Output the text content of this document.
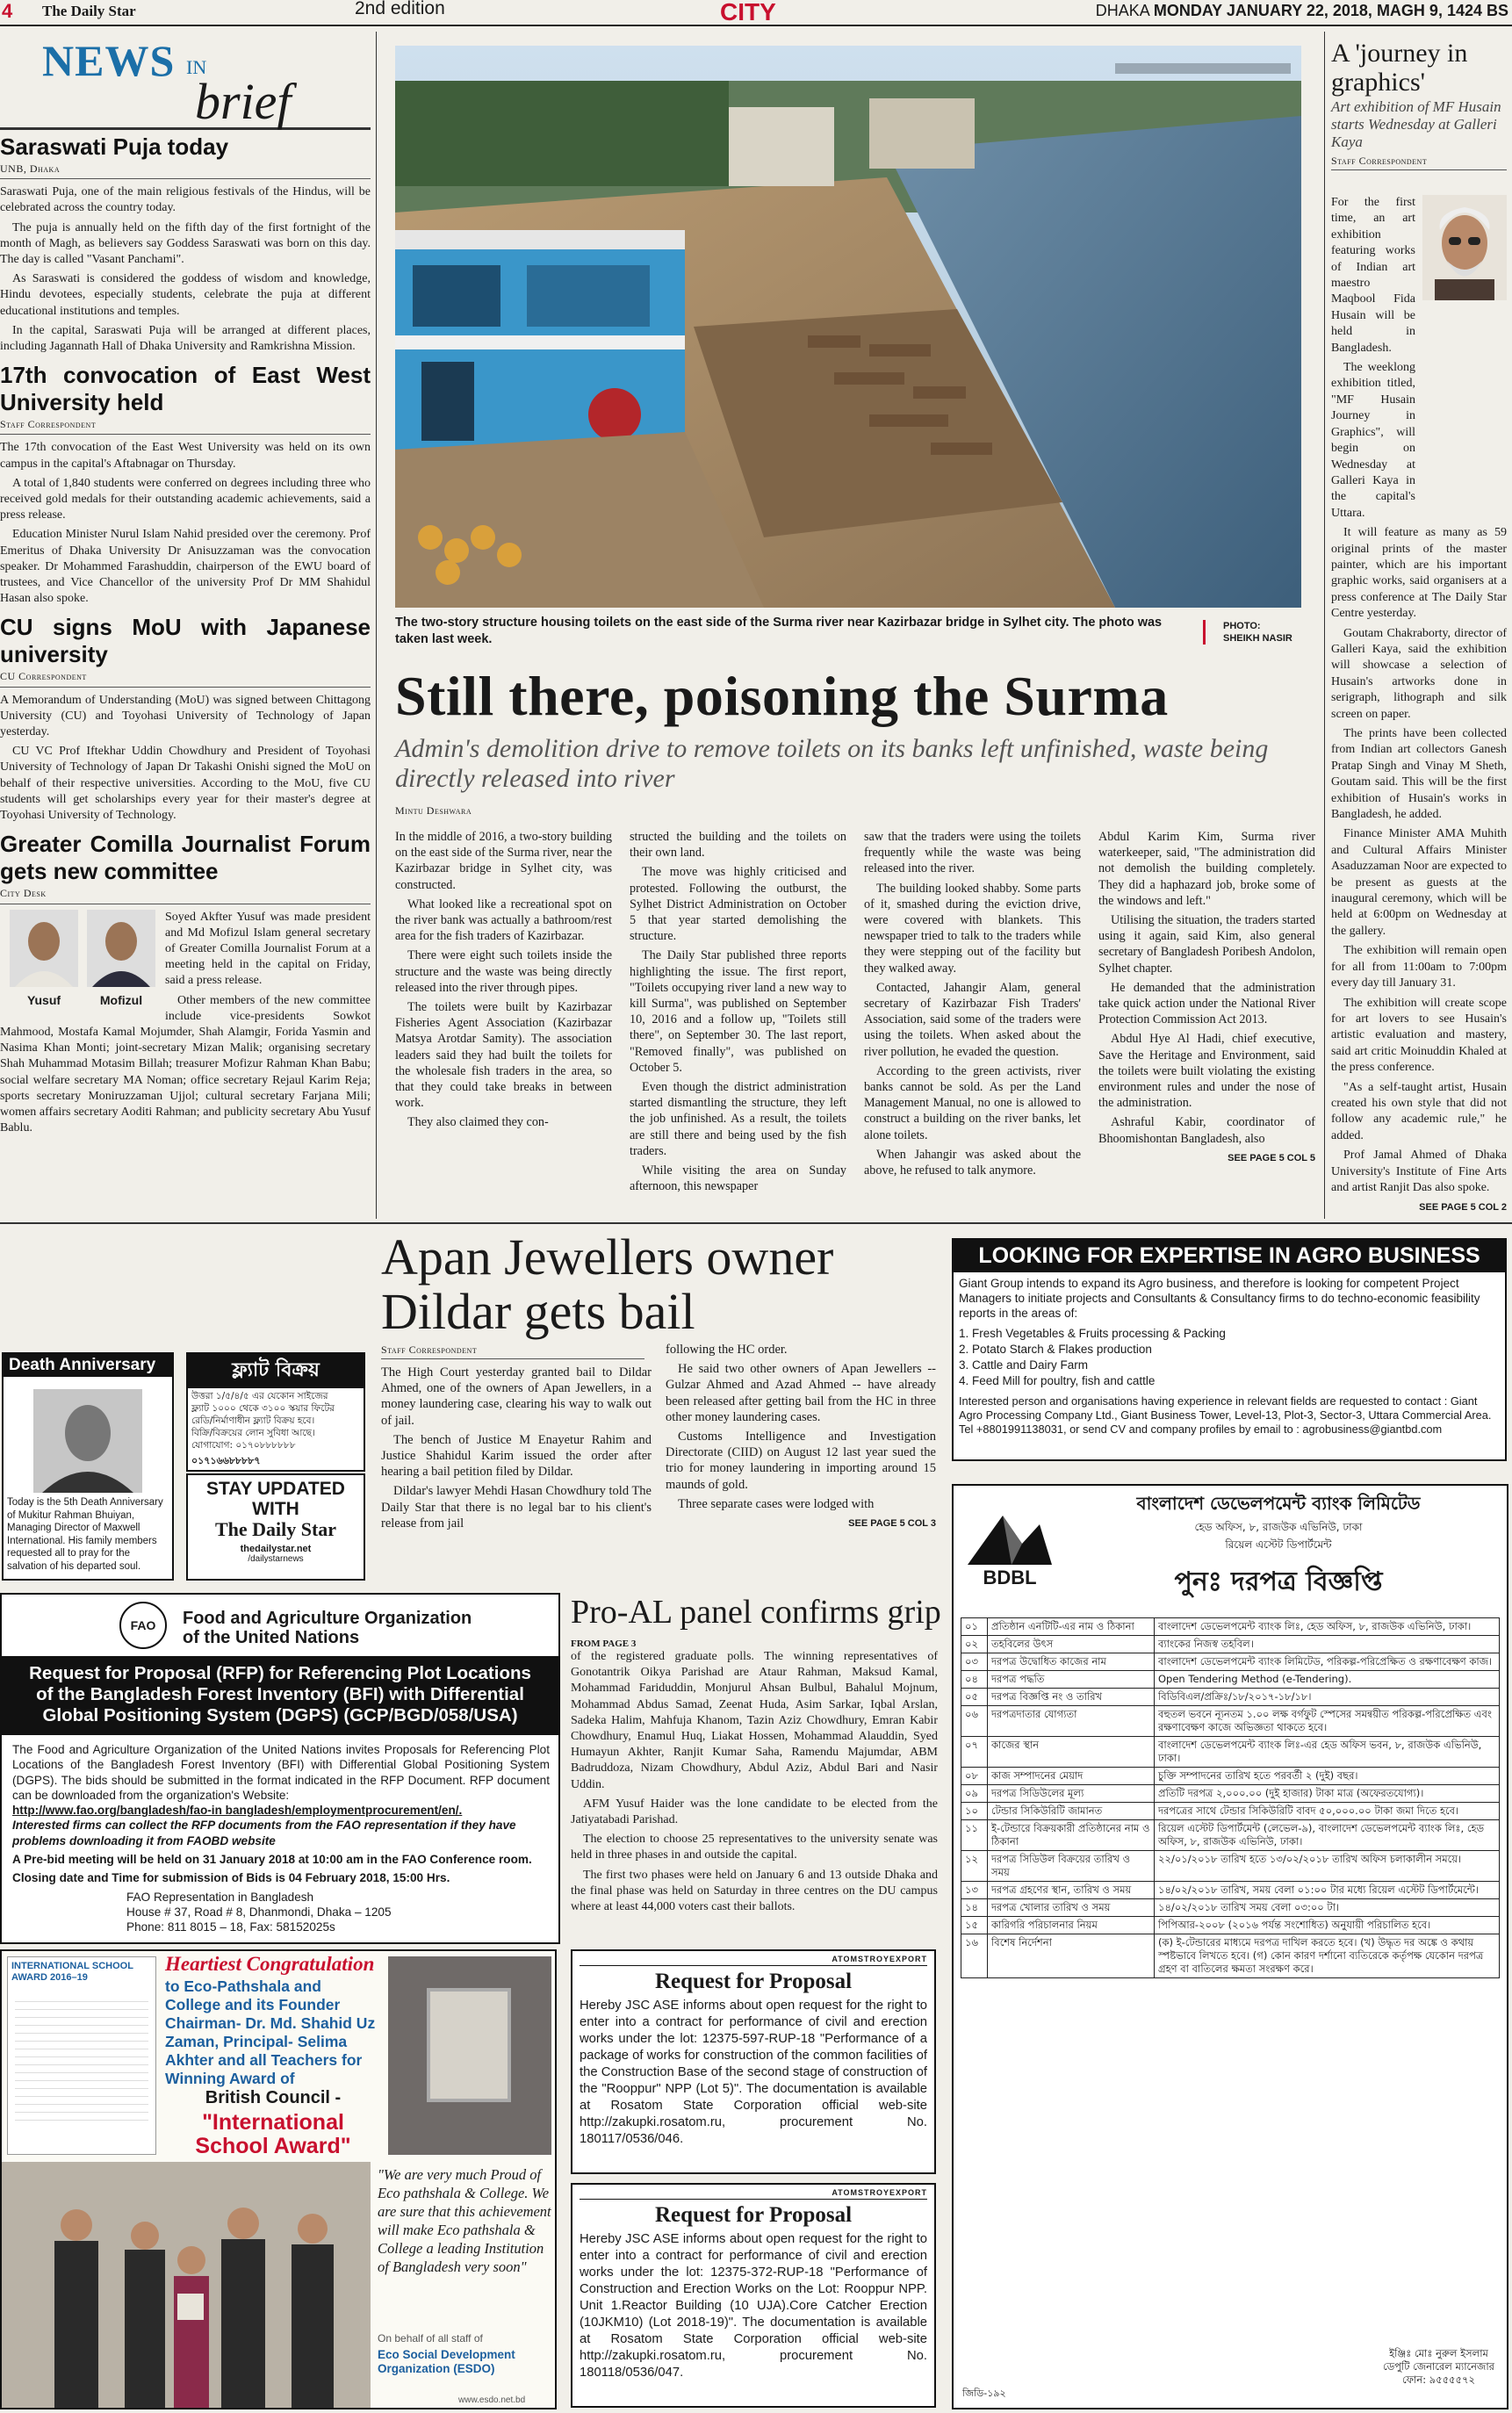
4 The Daily Star	2nd edition	CITY	DHAKA MONDAY JANUARY 22, 2018, MAGH 9, 1424 BS
NEWS IN
brief
Saraswati Puja today
UNB, Dhaka

Saraswati Puja, one of the main religious festivals of the Hindus, will be celebrated across the country today.

The puja is annually held on the fifth day of the first fortnight of the month of Magh, as believers say Goddess Saraswati was born on this day. The day is called "Vasant Panchami".

As Saraswati is considered the goddess of wisdom and knowledge, Hindu devotees, especially students, celebrate the puja at different educational institutions and temples.

In the capital, Saraswati Puja will be arranged at different places, including Jagannath Hall of Dhaka University and Ramkrishna Mission.

17th convocation of East West University held
Staff Correspondent

The 17th convocation of the East West University was held on its own campus in the capital's Aftabnagar on Thursday.

A total of 1,840 students were conferred on degrees including three who received gold medals for their outstanding academic achievements, said a press release.

Education Minister Nurul Islam Nahid presided over the ceremony. Prof Emeritus of Dhaka University Dr Anisuzzaman was the convocation speaker. Dr Mohammed Farashuddin, chairperson of the EWU board of trustees, and Vice Chancellor of the university Prof Dr MM Shahidul Hasan also spoke.

CU signs MoU with Japanese university
CU Correspondent

A Memorandum of Understanding (MoU) was signed between Chittagong University (CU) and Toyohasi University of Technology of Japan yesterday.

CU VC Prof Iftekhar Uddin Chowdhury and President of Toyohasi University of Technology of Japan Dr Takashi Onishi signed the MoU on behalf of their respective universities. According to the MoU, five CU students will get scholarships every year for their master's degree at Toyohasi University of Technology.

Greater Comilla Journalist Forum gets new committee
City Desk
Yusuf	Mofizul

Soyed Akfter Yusuf was made president and Md Mofizul Islam general secretary of Greater Comilla Journalist Forum at a meeting held in the capital on Friday, said a press release.

Other members of the new committee include vice-presidents Sowkot Mahmood, Mostafa Kamal Mojumder, Shah Alamgir, Forida Yasmin and Nasima Khan Monti; joint-secretary Mizan Malik; organising secretary Shah Muhammad Motasim Billah; treasurer Mofizur Rahman Khan Babu; social welfare secretary MA Noman; office secretary Rejaul Karim Reja; sports secretary Moniruzzaman Ujjol; cultural secretary Farjana Mili; women affairs secretary Aoditi Rahman; and publicity secretary Abu Yusuf Bablu.

The two-story structure housing toilets on the east side of the Surma river near Kazirbazar bridge in Sylhet city. The photo was taken last week.
PHOTO:
SHEIKH NASIR
Still there, poisoning the Surma
Admin's demolition drive to remove toilets on its banks left unfinished, waste being directly released into river
Mintu Deshwara

In the middle of 2016, a two-story building on the east side of the Surma river, near the Kazirbazar bridge in Sylhet city, was constructed.

What looked like a recreational spot on the river bank was actually a bathroom/rest area for the fish traders of Kazirbazar.

There were eight such toilets inside the structure and the waste was being directly released into the river through pipes.

The toilets were built by Kazirbazar Fisheries Agent Association (Kazirbazar Matsya Arotdar Samity). The association leaders said they had built the toilets for the wholesale fish traders in the area, so that they could take breaks in between work.

They also claimed they con-

structed the building and the toilets on their own land.

The move was highly criticised and protested. Following the outburst, the Sylhet District Administration on October 5 that year started demolishing the structure.

The Daily Star published three reports highlighting the issue. The first report, "Toilets occupying river land a new way to kill Surma", was published on September 10, 2016 and a follow up, "Toilets still there", on September 30. The last report, "Removed finally", was published on October 5.

Even though the district administration started dismantling the structure, they left the job unfinished. As a result, the toilets are still there and being used by the fish traders.

While visiting the area on Sunday afternoon, this newspaper

saw that the traders were using the toilets frequently while the waste was being released into the river.

The building looked shabby. Some parts of it, smashed during the eviction drive, were covered with blankets. This newspaper tried to talk to the traders while they were stepping out of the facility but they walked away.

Contacted, Jahangir Alam, general secretary of Kazirbazar Fish Traders' Association, said some of the traders were using the toilets. When asked about the river pollution, he evaded the question.

According to the green activists, river banks cannot be sold. As per the Land Management Manual, no one is allowed to construct a building on the river banks, let alone toilets.

When Jahangir was asked about the above, he refused to talk anymore.

Abdul Karim Kim, Surma river waterkeeper, said, "The administration did not demolish the building completely. They did a haphazard job, broke some of the windows and left."

Utilising the situation, the traders started using it again, said Kim, also general secretary of Bangladesh Poribesh Andolon, Sylhet chapter.

He demanded that the administration take quick action under the National River Protection Commission Act 2013.

Abdul Hye Al Hadi, chief executive, Save the Heritage and Environment, said the toilets were built violating the existing environment rules and under the nose of the administration.

Ashraful Kabir, coordinator of Bhoomishontan Bangladesh, also

SEE PAGE 5 COL 5
A 'journey in graphics'
Art exhibition of MF Husain starts Wednesday at Galleri Kaya
Staff Correspondent

For the first time, an art exhibition featuring works of Indian art maestro Maqbool Fida Husain will be held in Bangladesh.

The weeklong exhibition titled, "MF Husain Journey in Graphics", will begin on Wednesday at Galleri Kaya in the capital's Uttara.

It will feature as many as 59 original prints of the master painter, which are his important graphic works, said organisers at a press conference at The Daily Star Centre yesterday.

Goutam Chakraborty, director of Galleri Kaya, said the exhibition will showcase a selection of Husain's artworks done in serigraph, lithograph and silk screen on paper.

The prints have been collected from Indian art collectors Ganesh Pratap Singh and Vinay M Sheth, Goutam said. This will be the first exhibition of Husain's works in Bangladesh, he added.

Finance Minister AMA Muhith and Cultural Affairs Minister Asaduzzaman Noor are expected to be present as guests at the inaugural ceremony, which will be held at 6:00pm on Wednesday at the gallery.

The exhibition will remain open for all from 11:00am to 7:00pm every day till January 31.

The exhibition will create scope for art lovers to see Husain's artistic evaluation and mastery, said art critic Moinuddin Khaled at the press conference.

"As a self-taught artist, Husain created his own style that did not follow any academic rule," he added.

Prof Jamal Ahmed of Dhaka University's Institute of Fine Arts and artist Ranjit Das also spoke.

SEE PAGE 5 COL 2
Apan Jewellers owner
Dildar gets bail
Staff Correspondent

The High Court yesterday granted bail to Dildar Ahmed, one of the owners of Apan Jewellers, in a money laundering case, clearing his way to walk out of jail.

The bench of Justice M Enayetur Rahim and Justice Shahidul Karim issued the order after hearing a bail petition filed by Dildar.

Dildar's lawyer Mehdi Hasan Chowdhury told The Daily Star that there is no legal bar to his client's release from jail

following the HC order.

He said two other owners of Apan Jewellers -- Gulzar Ahmed and Azad Ahmed -- have already been released after getting bail from the HC in three other money laundering cases.

Customs Intelligence and Investigation Directorate (CIID) on August 12 last year sued the trio for money laundering in importing around 15 maunds of gold.

Three separate cases were lodged with

SEE PAGE 5 COL 3
LOOKING FOR EXPERTISE IN AGRO BUSINESS
Giant Group intends to expand its Agro business, and therefore is looking for competent Project Managers to initiate projects and Consultants & Consultancy firms to do techno-economic feasibility reports in the areas of:
1. Fresh Vegetables & Fruits processing & Packing
2. Potato Starch & Flakes production
3. Cattle and Dairy Farm
4. Feed Mill for poultry, fish and cattle
Interested person and organisations having experience in relevant fields are requested to contact : Giant Agro Processing Company Ltd., Giant Business Tower, Level-13, Plot-3, Sector-3, Uttara Commercial Area. Tel +8801991138031, or send CV and company profiles by email to : agrobusiness@giantbd.com
Death Anniversary
Today is the 5th Death Anniversary of Mukitur Rahman Bhuiyan, Managing Director of Maxwell International. His family members requested all to pray for the salvation of his departed soul.
ফ্ল্যাট বিক্রয়
উত্তরা ১/৫/৪/৫ এর যেকোন সাইজের
ফ্ল্যাট ১০০০ থেকে ৩১০০ স্কয়ার ফিটের
রেডি/নির্মাণাধীন ফ্ল্যাট বিক্রয় হবে।
বিক্রি/বিক্রয়ের লোন সুবিধা আছে।
যোগাযোগ: ০১৭০৮৮৮৮৮৮
০১৭১৬৬৮৮৮৮৭
STAY UPDATED
WITH
The Daily Star
thedailystar.net
/dailystarnews
FAO	Food and Agriculture Organization
of the United Nations
Request for Proposal (RFP) for Referencing Plot Locations of the Bangladesh Forest Inventory (BFI) with Differential Global Positioning System (DGPS) (GCP/BGD/058/USA)
The Food and Agriculture Organization of the United Nations invites Proposals for Referencing Plot Locations of the Bangladesh Forest Inventory (BFI) with Differential Global Positioning System (DGPS). The bids should be submitted in the format indicated in the RFP Document. RFP document can be downloaded from the organization's Website:
http://www.fao.org/bangladesh/fao-in bangladesh/employmentprocurement/en/.
Interested firms can collect the RFP documents from the FAO representation if they have problems downloading it from FAOBD website
A Pre-bid meeting will be held on 31 January 2018 at 10:00 am in the FAO Conference room.
Closing date and Time for submission of Bids is 04 February 2018, 15:00 Hrs.
FAO Representation in Bangladesh
House # 37, Road # 8, Dhanmondi, Dhaka – 1205
Phone: 811 8015 – 18, Fax: 58152025s
Pro-AL panel confirms grip
FROM PAGE 3

of the registered graduate polls. The winning representatives of Gonotantrik Oikya Parishad are Ataur Rahman, Maksud Kamal, Mohammad Farіduddin, Monjurul Ahsan Bulbul, Bahalul Mojnum, Mohammad Abdus Samad, Zeenat Huda, Asim Sarkar, Iqbal Arslan, Sadeka Halim, Mahfuja Khanom, Tazin Aziz Chowdhury, Emran Kabir Chowdhury, Enamul Huq, Liakat Hossen, Mohammad Alauddin, Syed Humayun Akhter, Ranjit Kumar Saha, Ramendu Majumdar, ABM Badruddoza, Nizam Chowdhury, Abdul Aziz, Abdul Bari and Nasir Uddin.

AFM Yusuf Haider was the lone candidate to be elected from the Jatiyatabadi Parishad.

The election to choose 25 representatives to the university senate was held in three phases in and outside the capital.

The first two phases were held on January 6 and 13 outside Dhaka and the final phase was held on Saturday in three centres on the DU campus where at least 44,000 voters cast their ballots.

INTERNATIONAL SCHOOL AWARD 2016–19
Heartiest Congratulation
to Eco-Pathshala and College and its Founder Chairman- Dr. Md. Shahid Uz Zaman, Principal- Selima Akhter and all Teachers for Winning Award of
British Council -
"International School Award"
"We are very much Proud of Eco pathshala & College. We are sure that this achievement will make Eco pathshala & College a leading Institution of Bangladesh very soon"
On behalf of all staff of
Eco Social Development Organization (ESDO)
www.esdo.net.bd
ATOMSTROYEXPORT
Request for Proposal
Hereby JSC ASE informs about open request for the right to enter into a contract for performance of civil and erection works under the lot: 12375-597-RUP-18 "Performance of a package of works for construction of the common facilities of the Construction Base of the second stage of construction of the "Rooppur" NPP (Lot 5)". The documentation is available at Rosatom State Corporation official web-site http://zakupki.rosatom.ru, procurement No. 180117/0536/046.
ATOMSTROYEXPORT
Request for Proposal
Hereby JSC ASE informs about open request for the right to enter into a contract for performance of civil and erection works under the lot: 12375-372-RUP-18 "Performance of Construction and Erection Works on the Lot: Rooppur NPP. Unit 1.Reactor Building (10 UJA).Core Catcher Erection (10JKM10) (Lot 2018-19)". The documentation is available at Rosatom State Corporation official web-site http://zakupki.rosatom.ru, procurement No. 180118/0536/047.
BDBL
বাংলাদেশ ডেভেলপমেন্ট ব্যাংক লিমিটেড
হেড অফিস, ৮, রাজউক এভিনিউ, ঢাকা
রিয়েল এস্টেট ডিপার্টমেন্ট
পুনঃ দরপত্র বিজ্ঞপ্তি
০১	প্রতিষ্ঠান এনটিটি-এর নাম ও ঠিকানা	বাংলাদেশ ডেভেলপমেন্ট ব্যাংক লিঃ, হেড অফিস, ৮, রাজউক এভিনিউ, ঢাকা।
০২	তহবিলের উৎস	ব্যাংকের নিজস্ব তহবিল।
০৩	দরপত্র উদ্বোধিত কাজের নাম	বাংলাদেশ ডেভেলপমেন্ট ব্যাংক লিমিটেড, পরিকল্প-পরিপ্রেক্ষিত ও রক্ষণাবেক্ষণ কাজ।
০৪	দরপত্র পদ্ধতি	Open Tendering Method (e-Tendering).
০৫	দরপত্র বিজ্ঞপ্তি নং ও তারিখ	বিডিবিএল/প্রক্রিঃ/১৮/২০১৭-১৮/১৮।
০৬	দরপত্রদাতার যোগ্যতা	বহুতল ভবনে ন্যূনতম ১.০০ লক্ষ বর্গফুট স্পেসের সমন্বয়ীত পরিকল্প-পরিপ্রেক্ষিত এবং রক্ষণাবেক্ষণ কাজে অভিজ্ঞতা থাকতে হবে।
০৭	কাজের স্থান	বাংলাদেশ ডেভেলপমেন্ট ব্যাংক লিঃ-এর হেড অফিস ভবন, ৮, রাজউক এভিনিউ, ঢাকা।
০৮	কাজ সম্পাদনের মেয়াদ	চুক্তি সম্পাদনের তারিখ হতে পরবর্তী ২ (দুই) বছর।
০৯	দরপত্র সিডিউলের মূল্য	প্রতিটি দরপত্র ২,০০০.০০ (দুই হাজার) টাকা মাত্র (অফেরতযোগ্য)।
১০	টেন্ডার সিকিউরিটি জামানত	দরপত্রের সাথে টেন্ডার সিকিউরিটি বাবদ ৫০,০০০.০০ টাকা জমা দিতে হবে।
১১	ই-টেন্ডারে বিক্রয়কারী প্রতিষ্ঠানের নাম ও ঠিকানা	রিয়েল এস্টেট ডিপার্টমেন্ট (লেভেল-৯), বাংলাদেশ ডেভেলপমেন্ট ব্যাংক লিঃ, হেড অফিস, ৮, রাজউক এভিনিউ, ঢাকা।
১২	দরপত্র সিডিউল বিক্রয়ের তারিখ ও সময়	২২/০১/২০১৮ তারিখ হতে ১৩/০২/২০১৮ তারিখ অফিস চলাকালীন সময়ে।
১৩	দরপত্র গ্রহণের স্থান, তারিখ ও সময়	১৪/০২/২০১৮ তারিখ, সময় বেলা ০১:০০ টার মধ্যে রিয়েল এস্টেট ডিপার্টমেন্টে।
১৪	দরপত্র খোলার তারিখ ও সময়	১৪/০২/২০১৮ তারিখ সময় বেলা ০৩:০০ টা।
১৫	কারিগরি পরিচালনার নিয়ম	পিপিআর-২০০৮ (২০১৬ পর্যন্ত সংশোধিত) অনুযায়ী পরিচালিত হবে।
১৬	বিশেষ নির্দেশনা	(ক) ই-টেন্ডারের মাধ্যমে দরপত্র দাখিল করতে হবে। (খ) উদ্ধৃত দর অঙ্কে ও কথায় স্পষ্টভাবে লিখতে হবে। (গ) কোন কারণ দর্শানো ব্যতিরেকে কর্তৃপক্ষ যেকোন দরপত্র গ্রহণ বা বাতিলের ক্ষমতা সংরক্ষণ করে।
ইঞ্জিঃ মোঃ নুরুল ইসলাম
ডেপুটি জেনারেল ম্যানেজার
ফোন: ৯৫৫৫৫৭২
জিডি-১৯২
